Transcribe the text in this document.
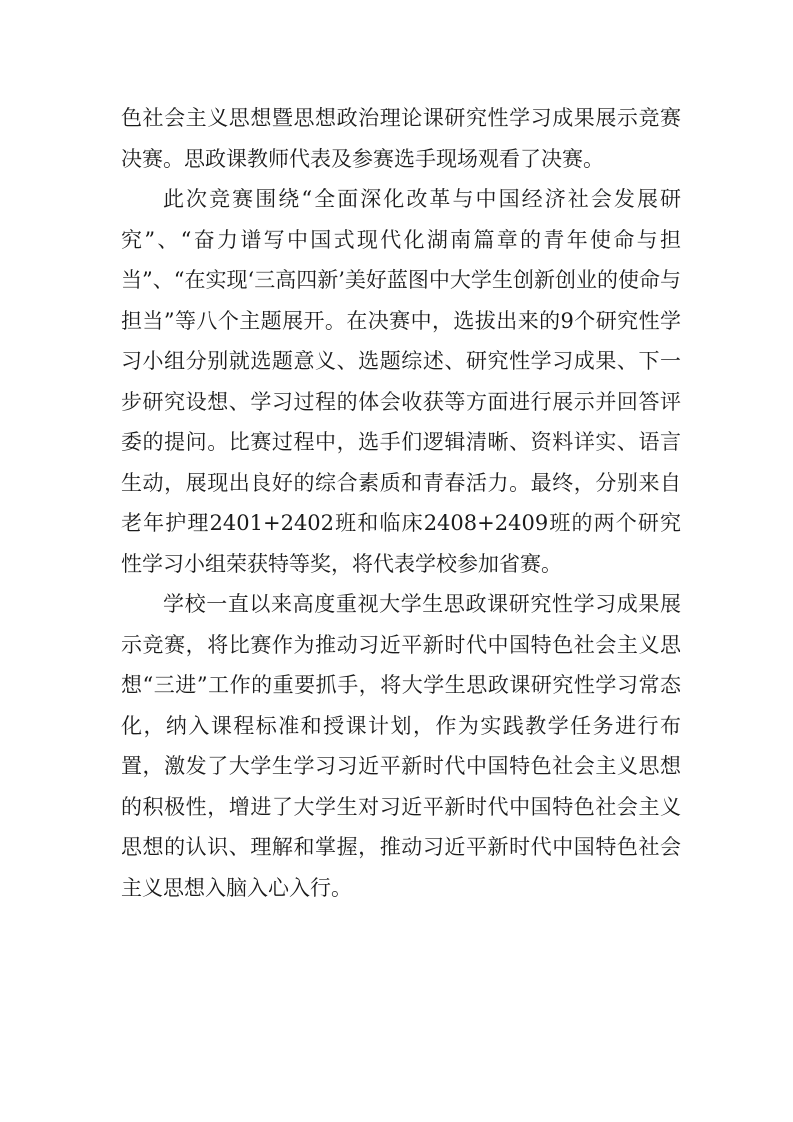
色社会主义思想暨思想政治理论课研究性学习成果展示竞赛决赛。思政课教师代表及参赛选手现场观看了决赛。

此次竞赛围绕“全面深化改革与中国经济社会发展研究”、“奋力谱写中国式现代化湖南篇章的青年使命与担当”、“在实现‘三高四新’美好蓝图中大学生创新创业的使命与担当”等八个主题展开。在决赛中，选拔出来的9个研究性学习小组分别就选题意义、选题综述、研究性学习成果、下一步研究设想、学习过程的体会收获等方面进行展示并回答评委的提问。比赛过程中，选手们逻辑清晰、资料详实、语言生动，展现出良好的综合素质和青春活力。最终，分别来自老年护理2401+2402班和临床2408+2409班的两个研究性学习小组荣获特等奖，将代表学校参加省赛。

学校一直以来高度重视大学生思政课研究性学习成果展示竞赛，将比赛作为推动习近平新时代中国特色社会主义思想“三进”工作的重要抓手，将大学生思政课研究性学习常态化，纳入课程标准和授课计划，作为实践教学任务进行布置，激发了大学生学习习近平新时代中国特色社会主义思想的积极性，增进了大学生对习近平新时代中国特色社会主义思想的认识、理解和掌握，推动习近平新时代中国特色社会主义思想入脑入心入行。
